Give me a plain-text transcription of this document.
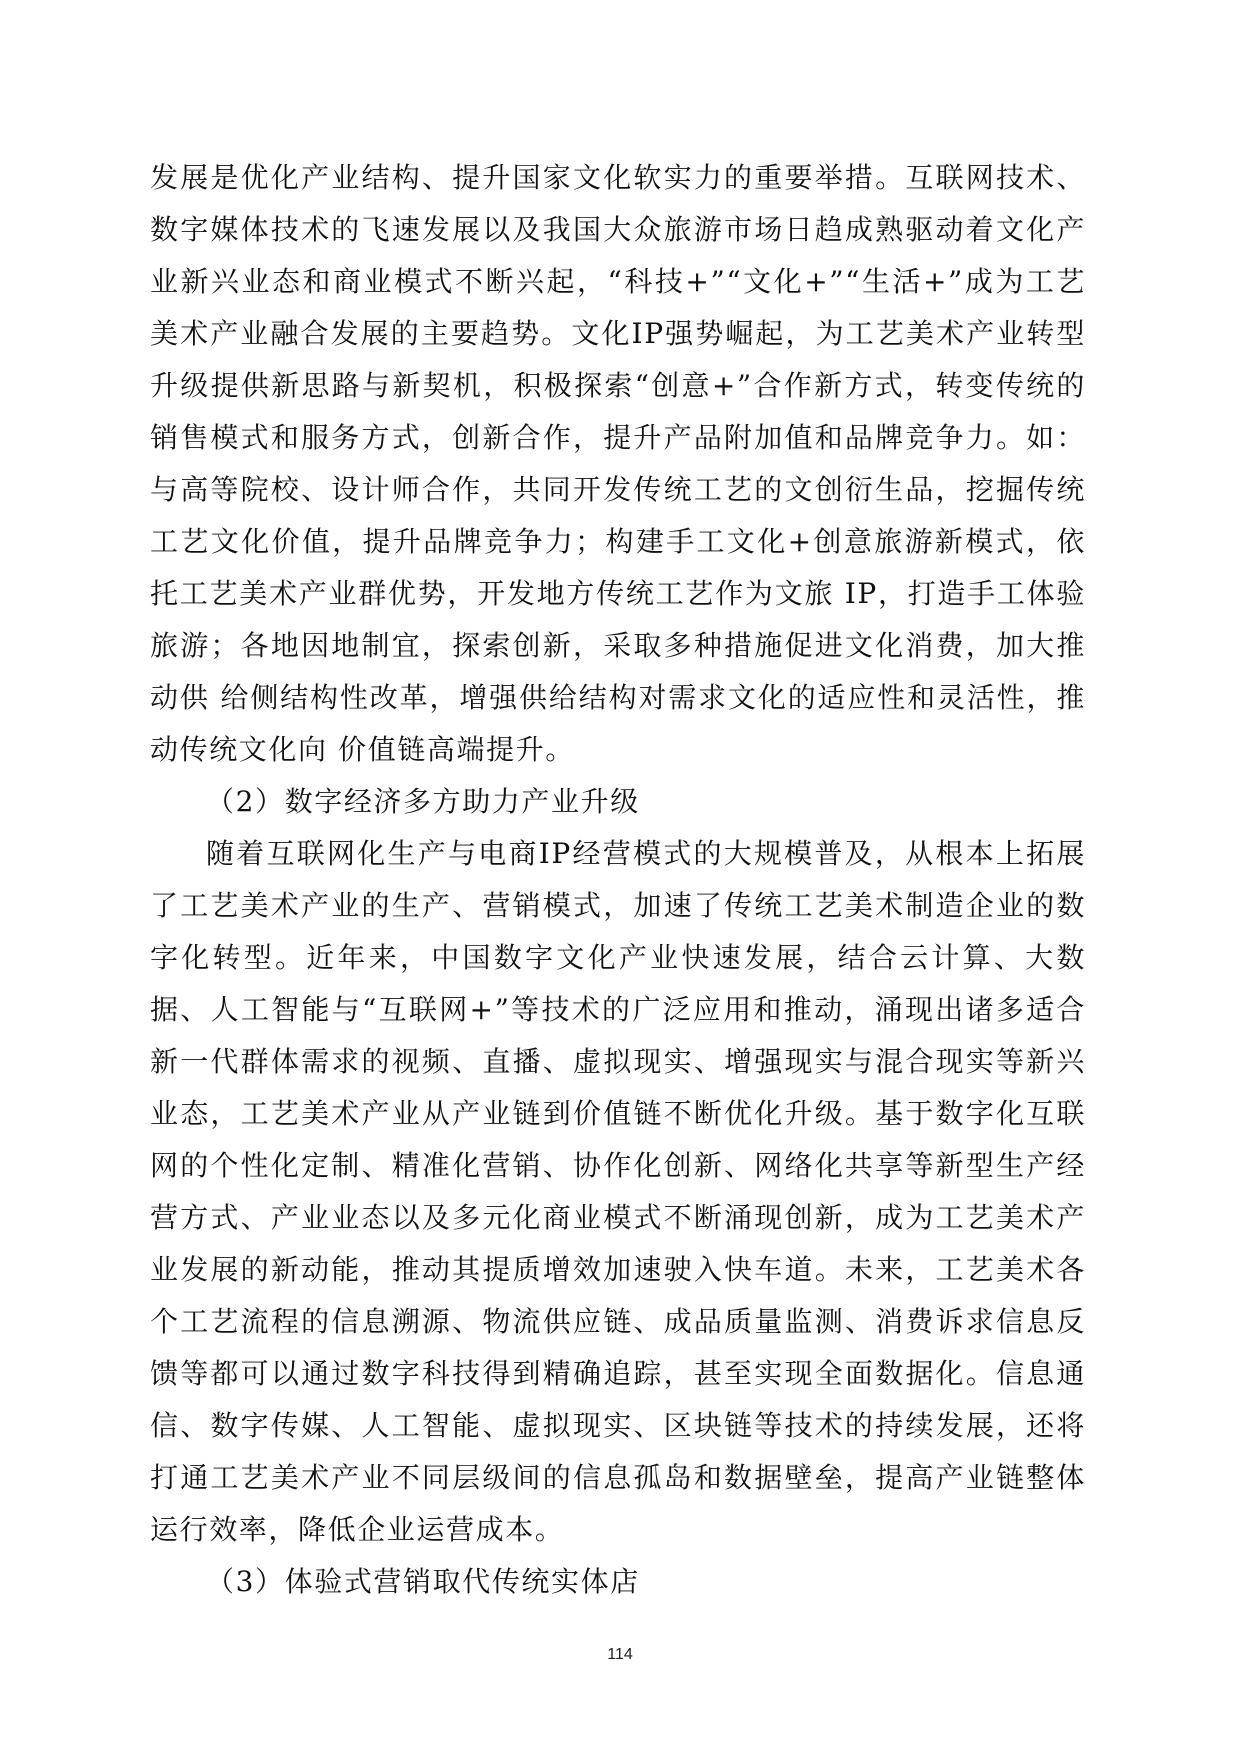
发展是优化产业结构、提升国家文化软实力的重要举措。互联网技术、数字媒体技术的飞速发展以及我国大众旅游市场日趋成熟驱动着文化产业新兴业态和商业模式不断兴起，“科技+”“文化+”“生活+”成为工艺美术产业融合发展的主要趋势。文化IP强势崛起，为工艺美术产业转型升级提供新思路与新契机，积极探索“创意+”合作新方式，转变传统的销售模式和服务方式，创新合作，提升产品附加值和品牌竞争力。如：与高等院校、设计师合作，共同开发传统工艺的文创衍生品，挖掘传统工艺文化价值，提升品牌竞争力；构建手工文化+创意旅游新模式，依托工艺美术产业群优势，开发地方传统工艺作为文旅 IP，打造手工体验旅游；各地因地制宜，探索创新，采取多种措施促进文化消费，加大推动供 给侧结构性改革，增强供给结构对需求文化的适应性和灵活性，推动传统文化向 价值链高端提升。

（2）数字经济多方助力产业升级

随着互联网化生产与电商IP经营模式的大规模普及，从根本上拓展了工艺美术产业的生产、营销模式，加速了传统工艺美术制造企业的数字化转型。近年来，中国数字文化产业快速发展，结合云计算、大数据、人工智能与“互联网+”等技术的广泛应用和推动，涌现出诸多适合新一代群体需求的视频、直播、虚拟现实、增强现实与混合现实等新兴业态，工艺美术产业从产业链到价值链不断优化升级。基于数字化互联网的个性化定制、精准化营销、协作化创新、网络化共享等新型生产经营方式、产业业态以及多元化商业模式不断涌现创新，成为工艺美术产业发展的新动能，推动其提质增效加速驶入快车道。未来，工艺美术各个工艺流程的信息溯源、物流供应链、成品质量监测、消费诉求信息反馈等都可以通过数字科技得到精确追踪，甚至实现全面数据化。信息通信、数字传媒、人工智能、虚拟现实、区块链等技术的持续发展，还将打通工艺美术产业不同层级间的信息孤岛和数据壁垒，提高产业链整体运行效率，降低企业运营成本。

（3）体验式营销取代传统实体店

114
